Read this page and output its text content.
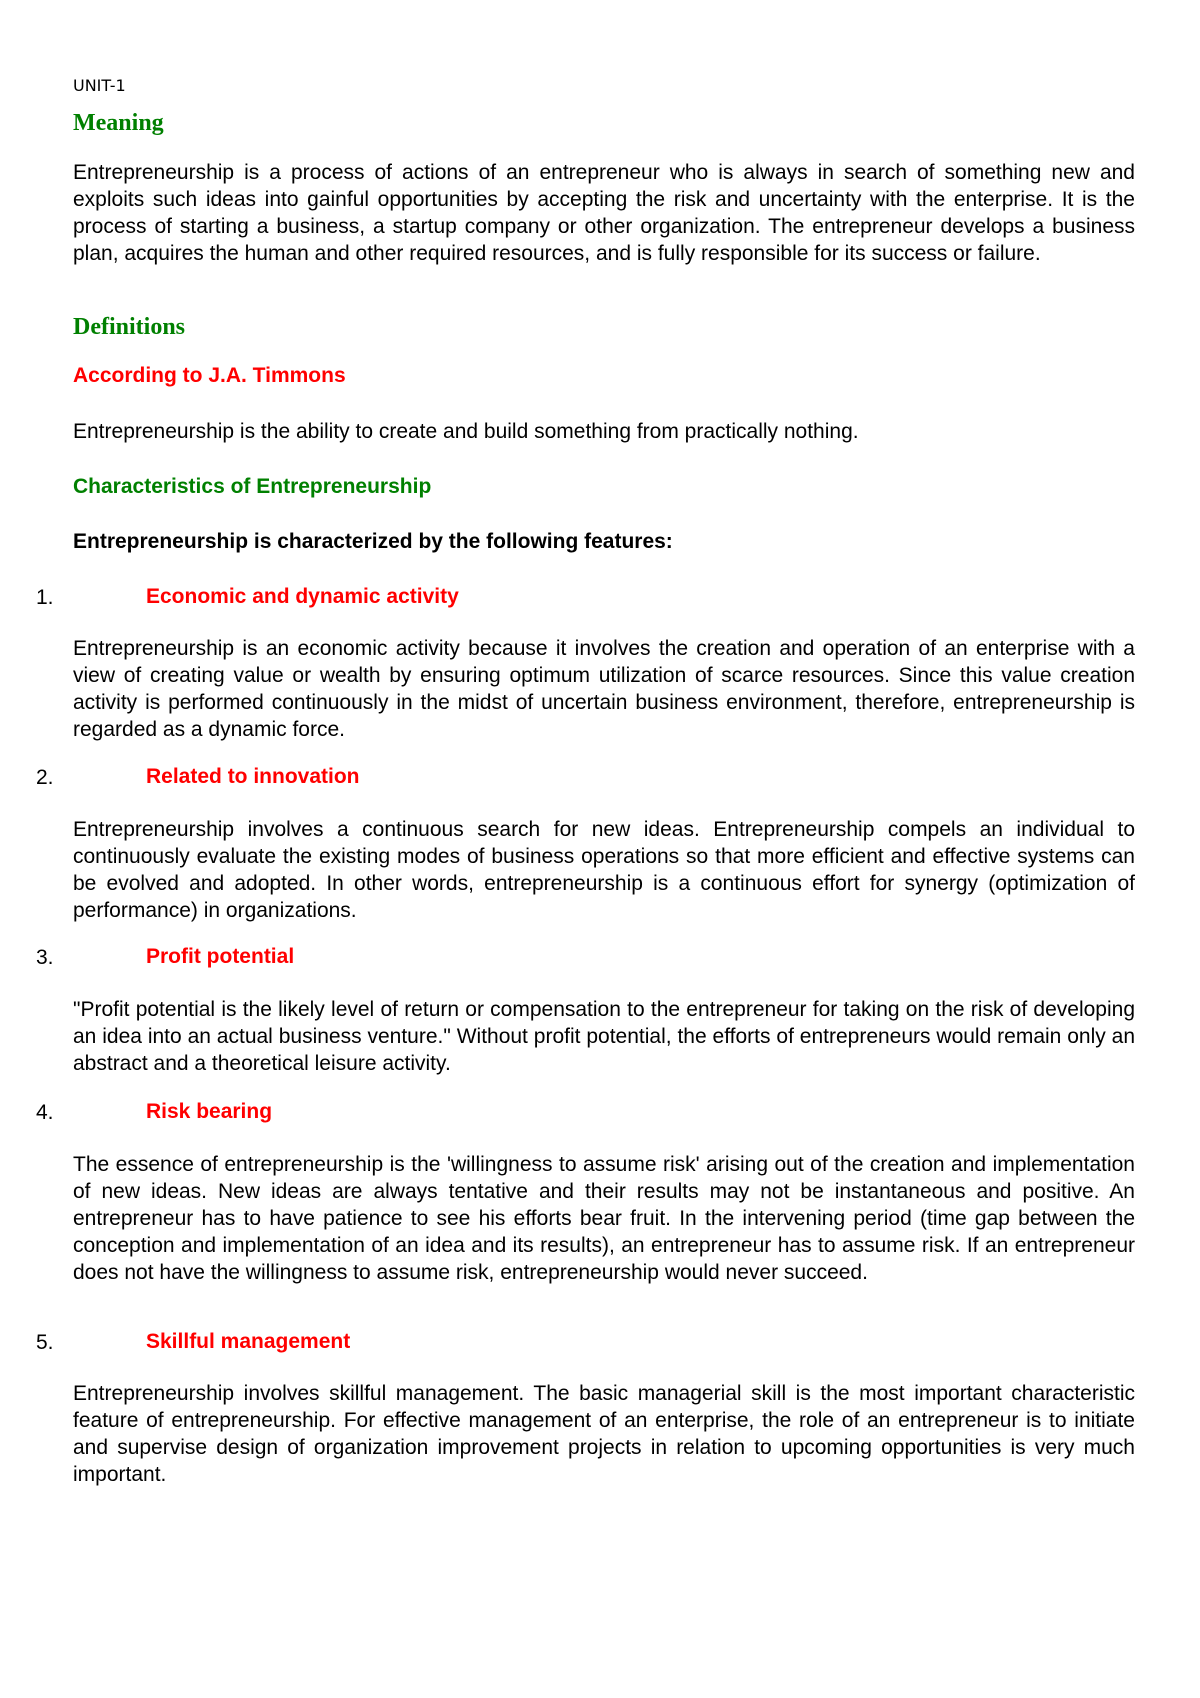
UNIT-1
Meaning

Entrepreneurship is a process of actions of an entrepreneur who is always in search of something new and exploits such ideas into gainful opportunities by accepting the risk and uncertainty with the enterprise. It is the process of starting a business, a startup company or other organization. The entrepreneur develops a business plan, acquires the human and other required resources, and is fully responsible for its success or failure.

Definitions
According to J.A. Timmons

Entrepreneurship is the ability to create and build something from practically nothing.

Characteristics of Entrepreneurship
Entrepreneurship is characterized by the following features:
1.	Economic and dynamic activity

Entrepreneurship is an economic activity because it involves the creation and operation of an enterprise with a view of creating value or wealth by ensuring optimum utilization of scarce resources. Since this value creation activity is performed continuously in the midst of uncertain business environment, therefore, entrepreneurship is regarded as a dynamic force.

2.	Related to innovation

Entrepreneurship involves a continuous search for new ideas. Entrepreneurship compels an individual to continuously evaluate the existing modes of business operations so that more efficient and effective systems can be evolved and adopted. In other words, entrepreneurship is a continuous effort for synergy (optimization of performance) in organizations.

3.	Profit potential

"Profit potential is the likely level of return or compensation to the entrepreneur for taking on the risk of developing an idea into an actual business venture." Without profit potential, the efforts of entrepreneurs would remain only an abstract and a theoretical leisure activity.

4.	Risk bearing

The essence of entrepreneurship is the 'willingness to assume risk' arising out of the creation and implementation of new ideas. New ideas are always tentative and their results may not be instantaneous and positive. An entrepreneur has to have patience to see his efforts bear fruit. In the intervening period (time gap between the conception and implementation of an idea and its results), an entrepreneur has to assume risk. If an entrepreneur does not have the willingness to assume risk, entrepreneurship would never succeed.

5.	Skillful management

Entrepreneurship involves skillful management. The basic managerial skill is the most important characteristic feature of entrepreneurship. For effective management of an enterprise, the role of an entrepreneur is to initiate and supervise design of organization improvement projects in relation to upcoming opportunities is very much important.
